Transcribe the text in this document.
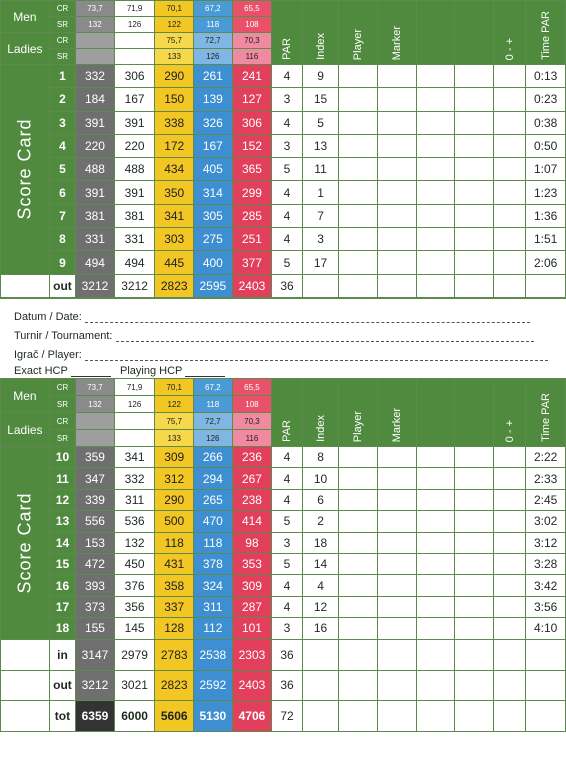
Men	CR	73,7	71,9	70,1	67,2	65,5	PAR	Index	Player	Marker			0 - +	Time PAR

	SR	132	126	122	118	108								
Ladies	CR			75,7	72,7	70,3								
	SR			133	126	116								

Score Card	1	332	306	290	261	241	4	9						0:13
	2	184	167	150	139	127	3	15						0:23
	3	391	391	338	326	306	4	5						0:38
	4	220	220	172	167	152	3	13						0:50
	5	488	488	434	405	365	5	11						1:07
	6	391	391	350	314	299	4	1						1:23
	7	381	381	341	305	285	4	7						1:36
	8	331	331	303	275	251	4	3						1:51
	9	494	494	445	400	377	5	17						2:06
	out	3212	3212	2823	2595	2403	36							
Datum / Date:
Turnir / Tournament:
Igrač / Player:
Exact HCP	Playing HCP
Men	CR	73,7	71,9	70,1	67,2	65,5	PAR	Index	Player	Marker			0 - +	Time PAR

	SR	132	126	122	118	108								
Ladies	CR			75,7	72,7	70,3								
	SR			133	126	116								

Score Card	10	359	341	309	266	236	4	8						2:22
	11	347	332	312	294	267	4	10						2:33
	12	339	311	290	265	238	4	6						2:45
	13	556	536	500	470	414	5	2						3:02
	14	153	132	118	118	98	3	18						3:12
	15	472	450	431	378	353	5	14						3:28
	16	393	376	358	324	309	4	4						3:42
	17	373	356	337	311	287	4	12						3:56
	18	155	145	128	112	101	3	16						4:10
	in	3147	2979	2783	2538	2303	36							
	out	3212	3021	2823	2592	2403	36							
	tot	6359	6000	5606	5130	4706	72							
